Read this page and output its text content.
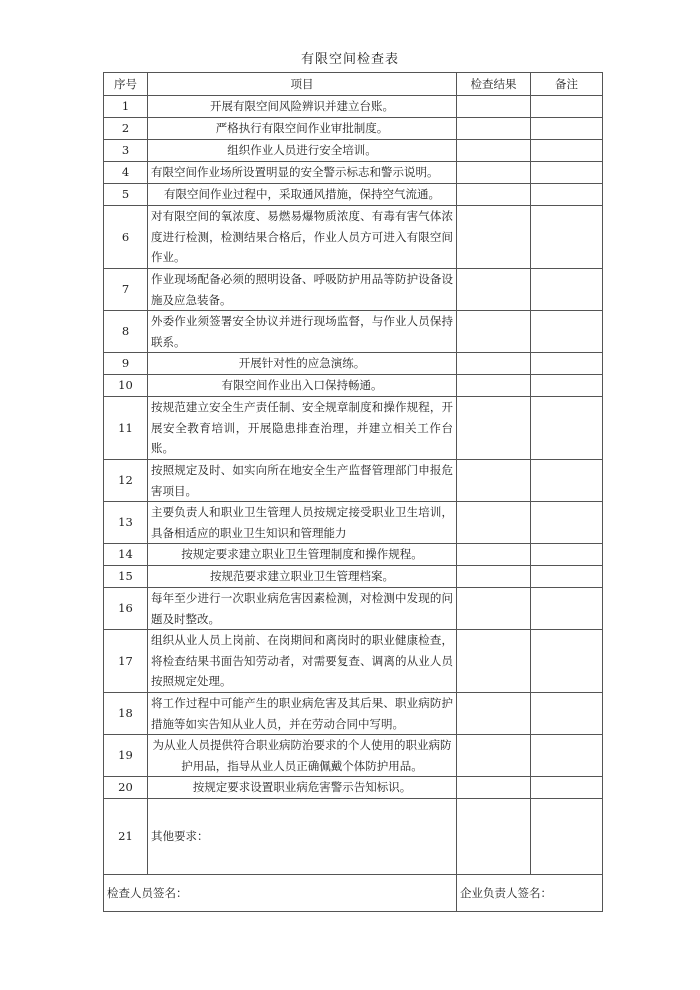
有限空间检查表
序号	项目	检查结果	备注
1	开展有限空间风险辨识并建立台账。		
2	严格执行有限空间作业审批制度。		
3	组织作业人员进行安全培训。		
4	有限空间作业场所设置明显的安全警示标志和警示说明。		
5	有限空间作业过程中，采取通风措施，保持空气流通。		
6	对有限空间的氧浓度、易燃易爆物质浓度、有毒有害气体浓度进行检测，检测结果合格后，作业人员方可进入有限空间作业。		
7	作业现场配备必须的照明设备、呼吸防护用品等防护设备设施及应急装备。		
8	外委作业须签署安全协议并进行现场监督，与作业人员保持联系。		
9	开展针对性的应急演练。		
10	有限空间作业出入口保持畅通。		
11	按规范建立安全生产责任制、安全规章制度和操作规程，开展安全教育培训，开展隐患排查治理，并建立相关工作台账。		
12	按照规定及时、如实向所在地安全生产监督管理部门申报危害项目。		
13	主要负责人和职业卫生管理人员按规定接受职业卫生培训，具备相适应的职业卫生知识和管理能力		
14	按规定要求建立职业卫生管理制度和操作规程。		
15	按规范要求建立职业卫生管理档案。		
16	每年至少进行一次职业病危害因素检测，对检测中发现的问题及时整改。		
17	组织从业人员上岗前、在岗期间和离岗时的职业健康检查，将检查结果书面告知劳动者，对需要复查、调离的从业人员按照规定处理。		
18	将工作过程中可能产生的职业病危害及其后果、职业病防护措施等如实告知从业人员，并在劳动合同中写明。		
19	为从业人员提供符合职业病防治要求的个人使用的职业病防护用品，指导从业人员正确佩戴个体防护用品。		
20	按规定要求设置职业病危害警示告知标识。		
21	其他要求：		
检查人员签名：		企业负责人签名：	
